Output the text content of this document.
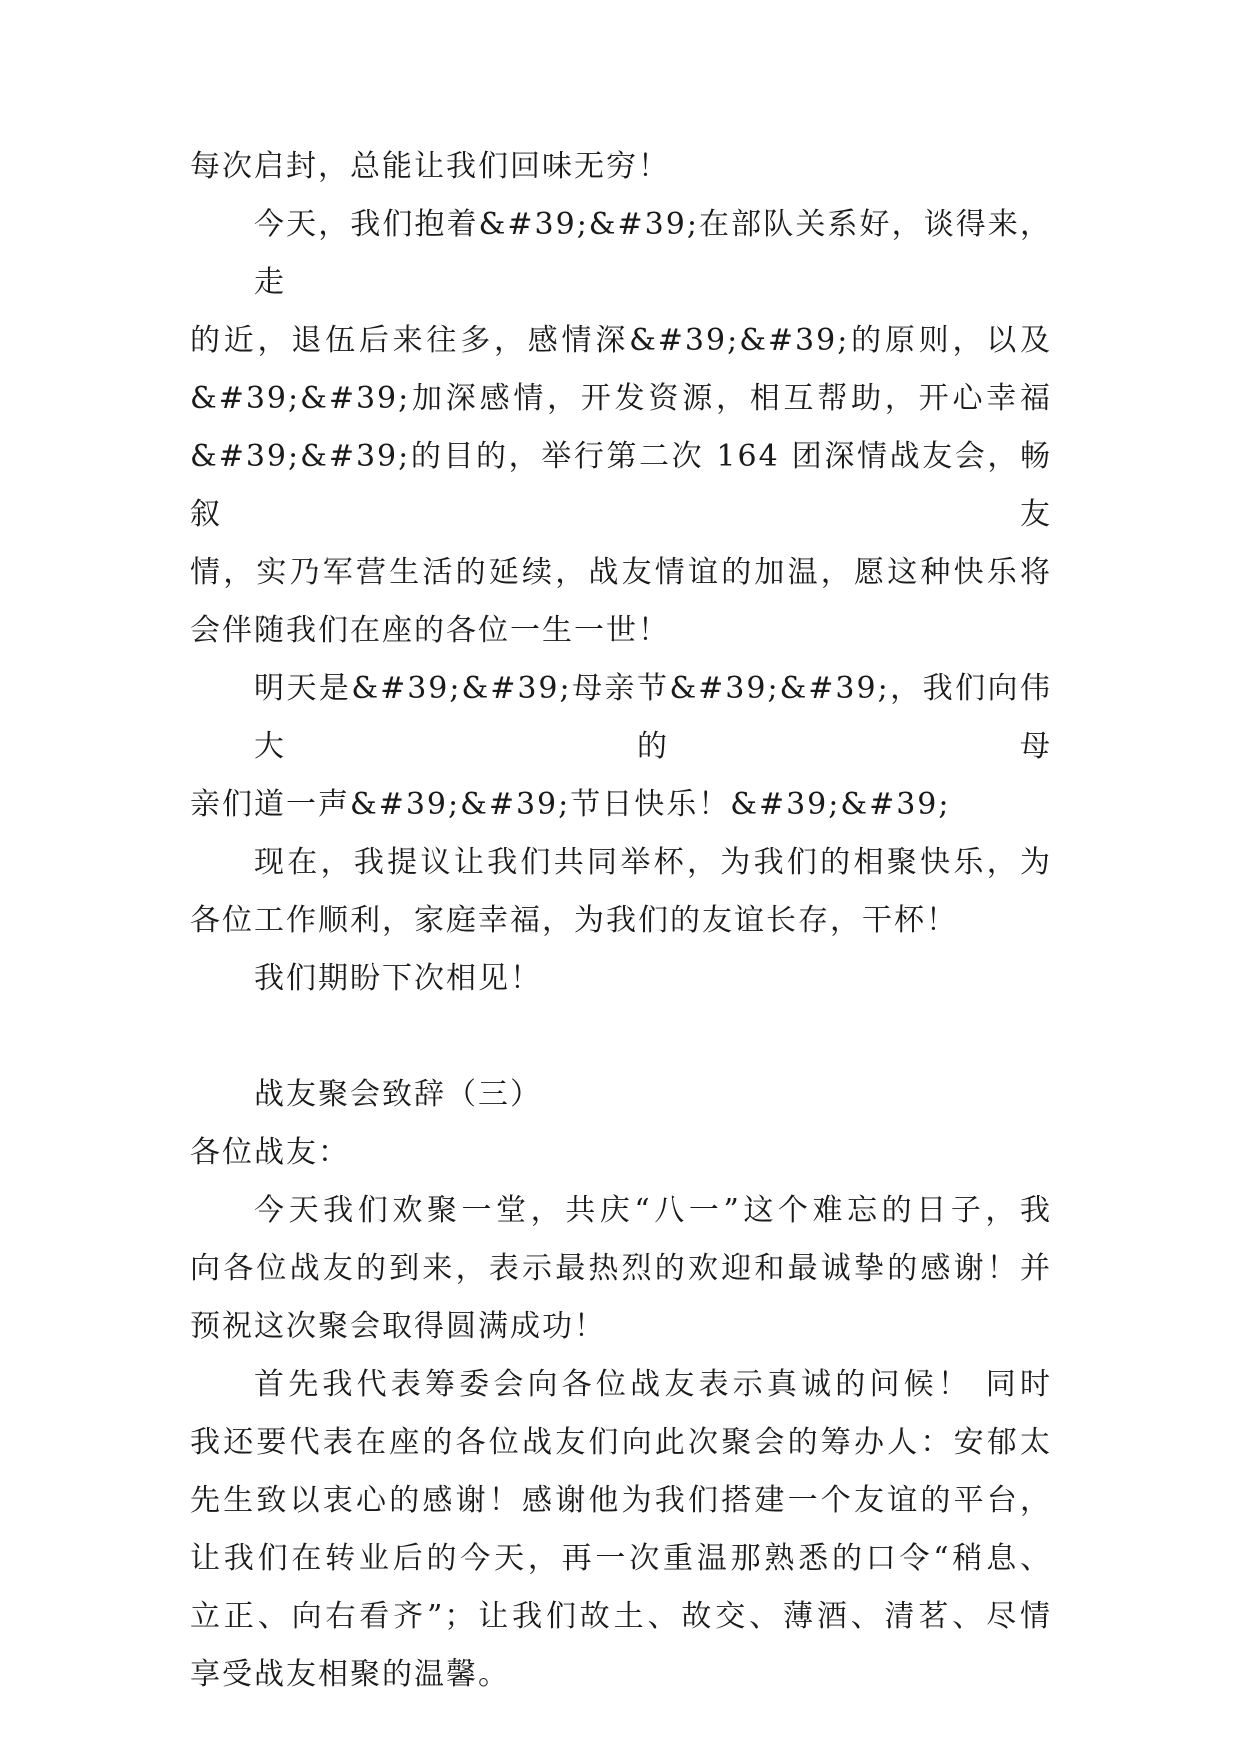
每次启封，总能让我们回味无穷！
今天，我们抱着&#39;&#39;在部队关系好，谈得来，走
的近，退伍后来往多，感情深&#39;&#39;的原则，以及
&#39;&#39;加深感情，开发资源，相互帮助，开心幸福
&#39;&#39;的目的，举行第二次 164 团深情战友会，畅叙友
情，实乃军营生活的延续，战友情谊的加温，愿这种快乐将
会伴随我们在座的各位一生一世！
明天是&#39;&#39;母亲节&#39;&#39;，我们向伟大的母
亲们道一声&#39;&#39;节日快乐！&#39;&#39;
现在，我提议让我们共同举杯，为我们的相聚快乐，为
各位工作顺利，家庭幸福，为我们的友谊长存，干杯！
我们期盼下次相见！
战友聚会致辞（三）
各位战友：
今天我们欢聚一堂，共庆“八一”这个难忘的日子，我
向各位战友的到来，表示最热烈的欢迎和最诚挚的感谢！并
预祝这次聚会取得圆满成功！
首先我代表筹委会向各位战友表示真诚的问候！ 同时
我还要代表在座的各位战友们向此次聚会的筹办人：安郁太
先生致以衷心的感谢！感谢他为我们搭建一个友谊的平台，
让我们在转业后的今天，再一次重温那熟悉的口令“稍息、
立正、向右看齐”；让我们故土、故交、薄酒、清茗、尽情
享受战友相聚的温馨。
